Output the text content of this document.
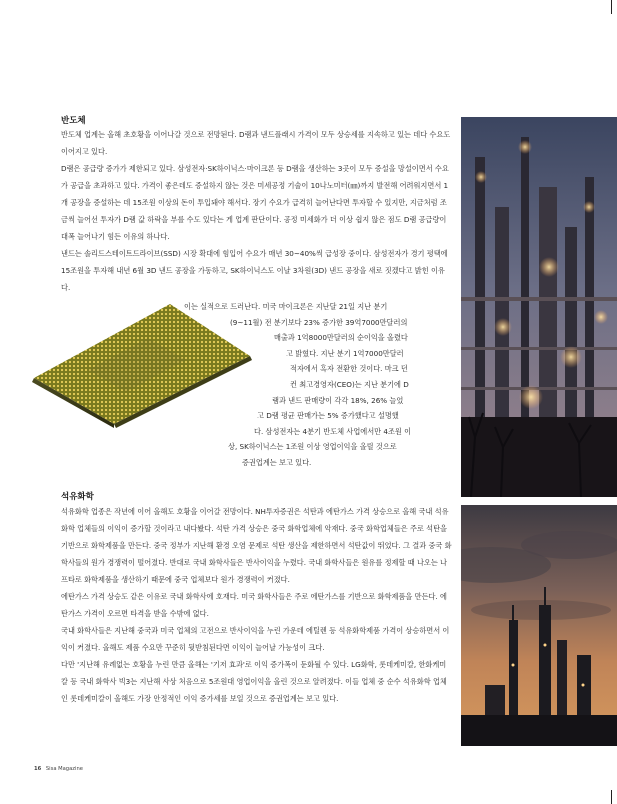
반도체

반도체 업계는 올해 초호황을 이어나갈 것으로 전망된다. D램과 낸드플래시 가격이 모두 상승세를 지속하고 있는 데다 수요도 이어지고 있다.

D램은 공급량 증가가 제한되고 있다. 삼성전자·SK하이닉스·마이크론 등 D램을 생산하는 3곳이 모두 증설을 망설이면서 수요가 공급을 초과하고 있다. 가격이 좋은데도 증설하지 않는 것은 미세공정 기술이 10나노미터(㎚)까지 발전해 어려워지면서 1개 공장을 증설하는 데 15조원 이상의 돈이 투입돼야 해서다. 장기 수요가 급격히 늘어난다면 투자할 수 있지만, 지금처럼 조금씩 늘어선 투자가 D램 값 하락을 부를 수도 있다는 게 업계 판단이다. 공정 미세화가 더 이상 쉽지 않은 점도 D램 공급량이 대폭 늘어나기 힘든 이유의 하나다.

낸드는 솔리드스테이트드라이브(SSD) 시장 확대에 힘입어 수요가 매년 30~40%씩 급성장 중이다. 삼성전자가 경기 평택에 15조원을 투자해 내년 6월 3D 낸드 공장을 가동하고, SK하이닉스도 이날 3차원(3D) 낸드 공장을 새로 짓겠다고 밝힌 이유다.

이는 실적으로 드러난다. 미국 마이크론은 지난달 21일 지난 분기

(9~11월) 전 분기보다 23% 증가한 39억7000만달러의

매출과 1억8000만달러의 순이익을 올렸다

고 밝혔다. 지난 분기 1억7000만달러

적자에서 흑자 전환한 것이다. 마크 던

컨 최고경영자(CEO)는 지난 분기에 D

램과 낸드 판매량이 각각 18%, 26% 늘었

고 D램 평균 판매가는 5% 증가했다고 설명했

다. 삼성전자는 4분기 반도체 사업에서만 4조원 이

상, SK하이닉스는 1조원 이상 영업이익을 올릴 것으로

증권업계는 보고 있다.

석유화학

석유화학 업종은 작년에 이어 올해도 호황을 이어갈 전망이다. NH투자증권은 석탄과 에탄가스 가격 상승으로 올해 국내 석유화학 업체들의 이익이 증가할 것이라고 내다봤다. 석탄 가격 상승은 중국 화학업체에 악재다. 중국 화학업체들은 주로 석탄을 기반으로 화학제품을 만든다. 중국 정부가 지난해 환경 오염 문제로 석탄 생산을 제한하면서 석탄값이 뛰었다. 그 결과 중국 화학사들의 원가 경쟁력이 떨어졌다. 반대로 국내 화학사들은 반사이익을 누렸다. 국내 화학사들은 원유를 정제할 때 나오는 나프타로 화학제품을 생산하기 때문에 중국 업체보다 원가 경쟁력이 커졌다.

에탄가스 가격 상승도 같은 이유로 국내 화학사에 호재다. 미국 화학사들은 주로 에탄가스를 기반으로 화학제품을 만든다. 에탄가스 가격이 오르면 타격을 받을 수밖에 없다.

국내 화학사들은 지난해 중국과 미국 업체의 고전으로 반사이익을 누린 가운데 에틸렌 등 석유화학제품 가격이 상승하면서 이익이 커졌다. 올해도 제품 수요만 꾸준히 뒷받침된다면 이익이 늘어날 가능성이 크다.

다만 '지난해 유례없는 호황을 누린 만큼 올해는 '기저 효과'로 이익 증가폭이 둔화될 수 있다. LG화학, 롯데케미칼, 한화케미칼 등 국내 화학사 빅3는 지난해 사상 처음으로 5조원대 영업이익을 올린 것으로 알려졌다. 이들 업체 중 순수 석유화학 업체인 롯데케미칼이 올해도 가장 안정적인 이익 증가세를 보일 것으로 증권업계는 보고 있다.

16 Sisa Magazine
